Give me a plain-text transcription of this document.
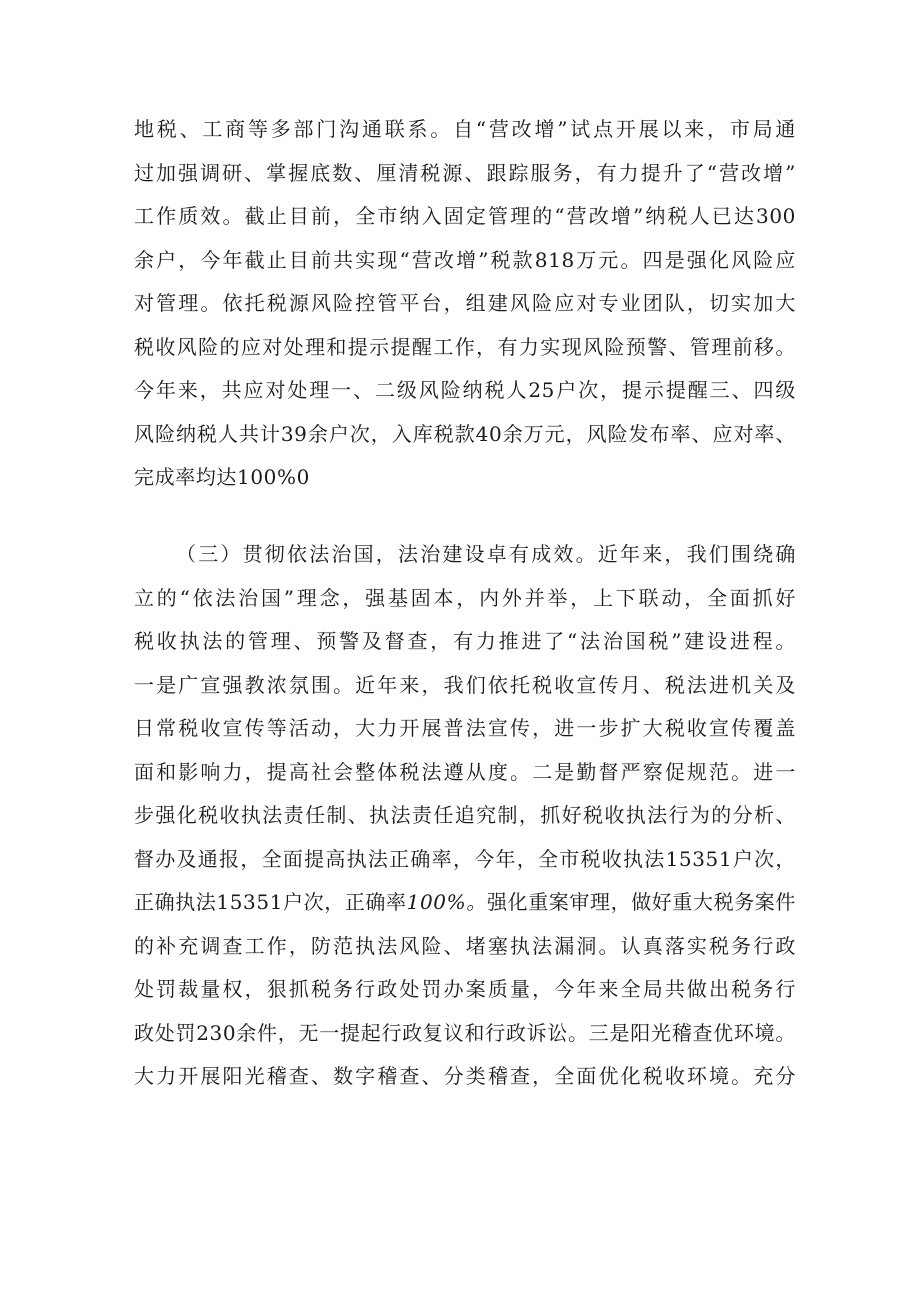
地税、工商等多部门沟通联系。自“营改增”试点开展以来，市局通
过加强调研、掌握底数、厘清税源、跟踪服务，有力提升了“营改增”
工作质效。截止目前，全市纳入固定管理的“营改增”纳税人已达300
余户，今年截止目前共实现“营改增”税款818万元。四是强化风险应
对管理。依托税源风险控管平台，组建风险应对专业团队，切实加大
税收风险的应对处理和提示提醒工作，有力实现风险预警、管理前移。
今年来，共应对处理一、二级风险纳税人25户次，提示提醒三、四级
风险纳税人共计39余户次，入库税款40余万元，风险发布率、应对率、
完成率均达100%0
（三）贯彻依法治国，法治建设卓有成效。近年来，我们围绕确
立的“依法治国”理念，强基固本，内外并举，上下联动，全面抓好
税收执法的管理、预警及督查，有力推进了“法治国税”建设进程。
一是广宣强教浓氛围。近年来，我们依托税收宣传月、税法进机关及
日常税收宣传等活动，大力开展普法宣传，进一步扩大税收宣传覆盖
面和影响力，提高社会整体税法遵从度。二是勤督严察促规范。进一
步强化税收执法责任制、执法责任追究制，抓好税收执法行为的分析、
督办及通报，全面提高执法正确率，今年，全市税收执法15351户次，
正确执法15351户次，正确率100%。 强化重案审理，做好重大税务案件
的补充调查工作，防范执法风险、堵塞执法漏洞。认真落实税务行政
处罚裁量权，狠抓税务行政处罚办案质量，今年来全局共做出税务行
政处罚230余件，无一提起行政复议和行政诉讼。三是阳光稽查优环境。
大力开展阳光稽查、数字稽查、分类稽查，全面优化税收环境。充分
